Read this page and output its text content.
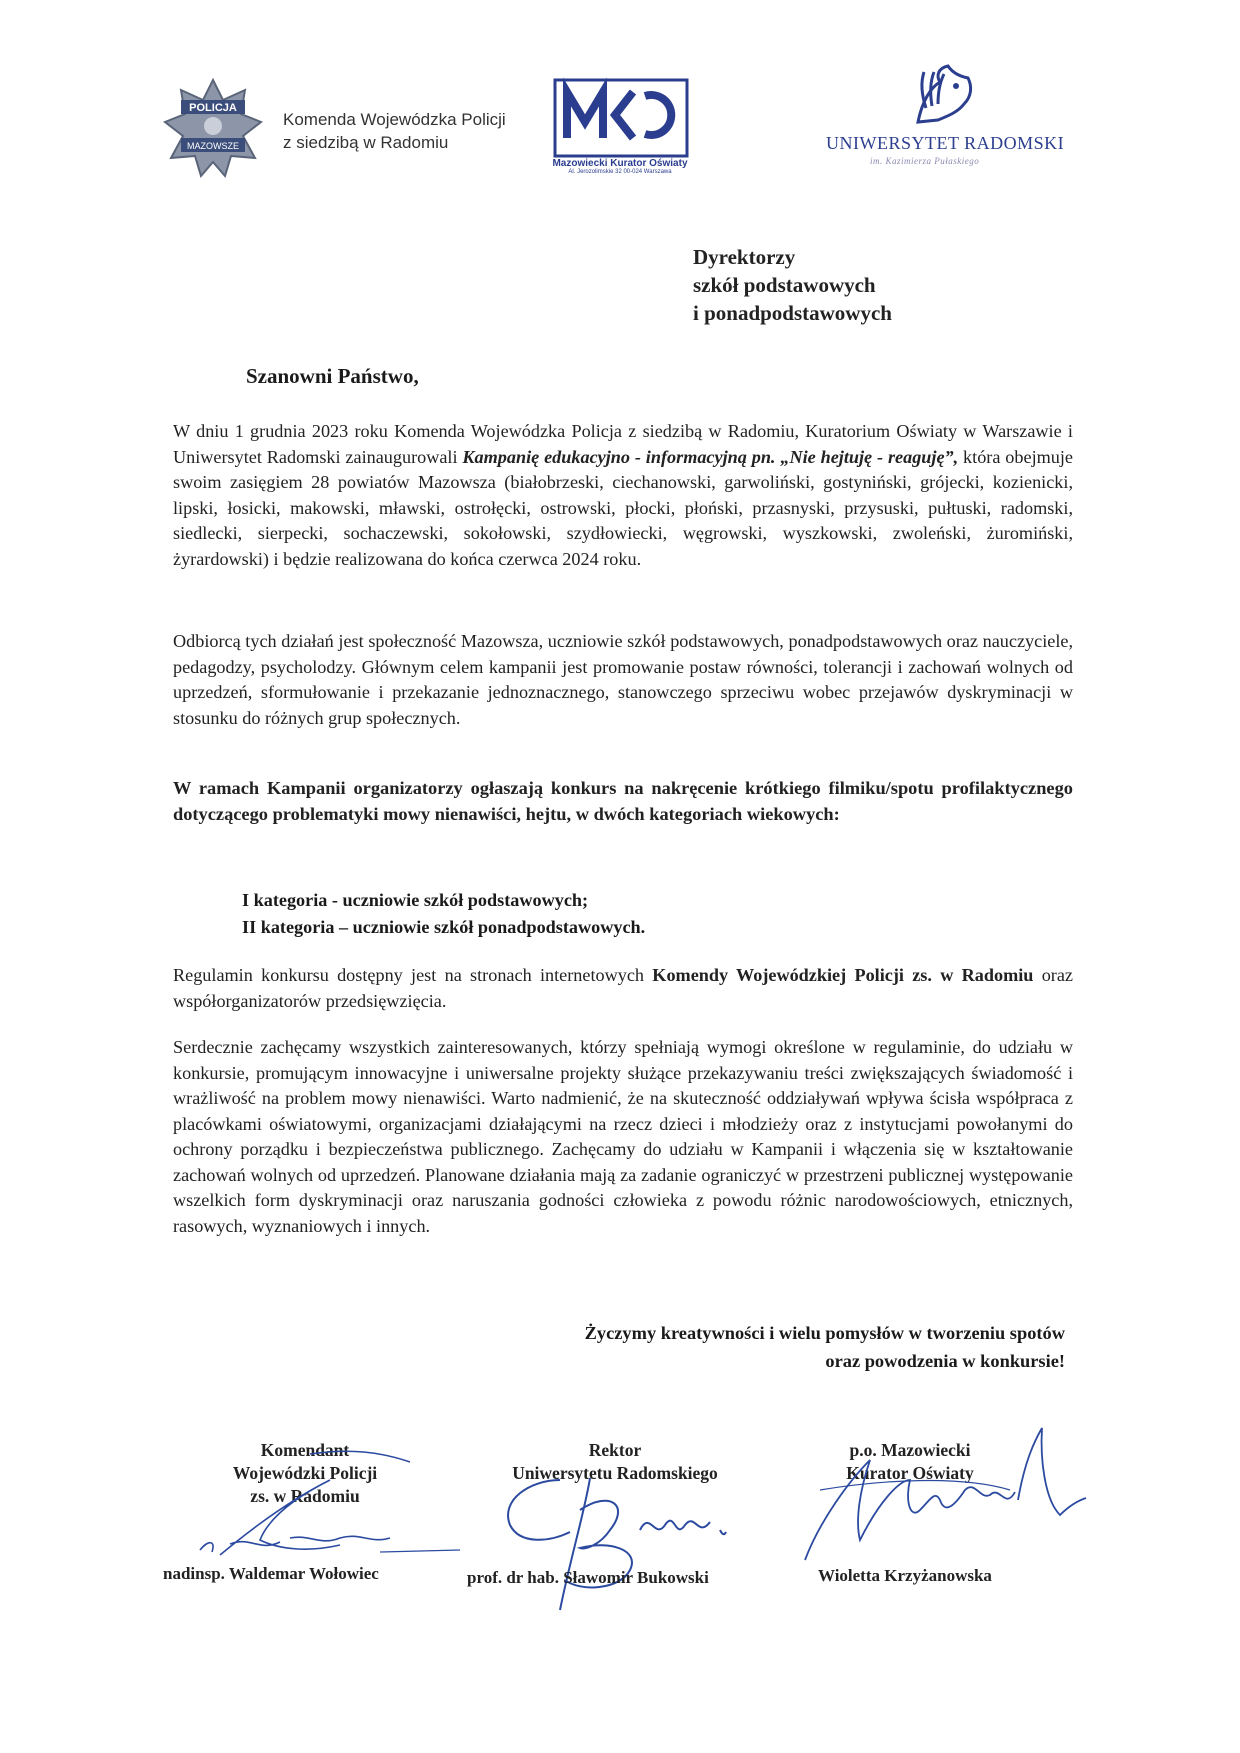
POLICJA
MAZOWSZE
Komenda Wojewódzka Policji
z siedzibą w Radomiu
MKO
Mazowiecki Kurator Oświaty
Al. Jerozolimskie 32 00-024 Warszawa
UNIWERSYTET RADOMSKI
im. Kazimierza Pułaskiego
Dyrektorzy
szkół podstawowych
i ponadpodstawowych
Szanowni Państwo,
W dniu 1 grudnia 2023 roku Komenda Wojewódzka Policja z siedzibą w Radomiu, Kuratorium Oświaty w Warszawie i Uniwersytet Radomski zainaugurowali Kampanię edukacyjno - informacyjną pn. „Nie hejtuję - reaguję”, która obejmuje swoim zasięgiem 28 powiatów Mazowsza (białobrzeski, ciechanowski, garwoliński, gostyniński, grójecki, kozienicki, lipski, łosicki, makowski, mławski, ostrołęcki, ostrowski, płocki, płoński, przasnyski, przysuski, pułtuski, radomski, siedlecki, sierpecki, sochaczewski, sokołowski, szydłowiecki, węgrowski, wyszkowski, zwoleński, żuromiński, żyrardowski) i będzie realizowana do końca czerwca 2024 roku.
Odbiorcą tych działań jest społeczność Mazowsza, uczniowie szkół podstawowych, ponadpodstawowych oraz nauczyciele, pedagodzy, psycholodzy. Głównym celem kampanii jest promowanie postaw równości, tolerancji i zachowań wolnych od uprzedzeń, sformułowanie i przekazanie jednoznacznego, stanowczego sprzeciwu wobec przejawów dyskryminacji w stosunku do różnych grup społecznych.
W ramach Kampanii organizatorzy ogłaszają konkurs na nakręcenie krótkiego filmiku/spotu profilaktycznego dotyczącego problematyki mowy nienawiści, hejtu, w dwóch kategoriach wiekowych:
I kategoria - uczniowie szkół podstawowych;
II kategoria – uczniowie szkół ponadpodstawowych.
Regulamin konkursu dostępny jest na stronach internetowych Komendy Wojewódzkiej Policji zs. w Radomiu oraz współorganizatorów przedsięwzięcia.
Serdecznie zachęcamy wszystkich zainteresowanych, którzy spełniają wymogi określone w regulaminie, do udziału w konkursie, promującym innowacyjne i uniwersalne projekty służące przekazywaniu treści zwiększających świadomość i wrażliwość na problem mowy nienawiści. Warto nadmienić, że na skuteczność oddziaływań wpływa ścisła współpraca z placówkami oświatowymi, organizacjami działającymi na rzecz dzieci i młodzieży oraz z instytucjami powołanymi do ochrony porządku i bezpieczeństwa publicznego. Zachęcamy do udziału w Kampanii i włączenia się w kształtowanie zachowań wolnych od uprzedzeń. Planowane działania mają za zadanie ograniczyć w przestrzeni publicznej występowanie wszelkich form dyskryminacji oraz naruszania godności człowieka z powodu różnic narodowościowych, etnicznych, rasowych, wyznaniowych i innych.
Życzymy kreatywności i wielu pomysłów w tworzeniu spotów
oraz powodzenia w konkursie!
Komendant
Wojewódzki Policji
zs. w Radomiu
Rektor
Uniwersytetu Radomskiego
p.o. Mazowiecki
Kurator Oświaty
nadinsp. Waldemar Wołowiec	prof. dr hab. Sławomir Bukowski	Wioletta Krzyżanowska
